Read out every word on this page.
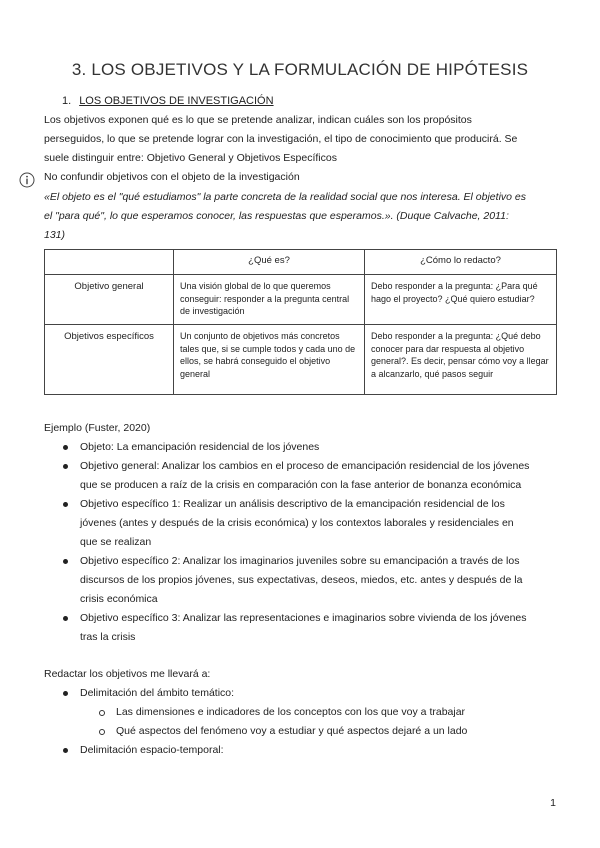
3. LOS OBJETIVOS Y LA FORMULACIÓN DE HIPÓTESIS
1. LOS OBJETIVOS DE INVESTIGACIÓN
Los objetivos exponen qué es lo que se pretende analizar, indican cuáles son los propósitos
perseguidos, lo que se pretende lograr con la investigación, el tipo de conocimiento que producirá. Se
suele distinguir entre: Objetivo General y Objetivos Específicos
No confundir objetivos con el objeto de la investigación
«El objeto es el "qué estudiamos" la parte concreta de la realidad social que nos interesa. El objetivo es
el "para qué", lo que esperamos conocer, las respuestas que esperamos.». (Duque Calvache, 2011:
131)
	¿Qué es?	¿Cómo lo redacto?
Objetivo general	Una visión global de lo que queremos conseguir: responder a la pregunta central de investigación	Debo responder a la pregunta: ¿Para qué hago el proyecto? ¿Qué quiero estudiar?
Objetivos específicos	Un conjunto de objetivos más concretos tales que, si se cumple todos y cada uno de ellos, se habrá conseguido el objetivo general	Debo responder a la pregunta: ¿Qué debo conocer para dar respuesta al objetivo general?. Es decir, pensar cómo voy a llegar a alcanzarlo, qué pasos seguir
Ejemplo (Fuster, 2020)
Objeto: La emancipación residencial de los jóvenes
Objetivo general: Analizar los cambios en el proceso de emancipación residencial de los jóvenes
que se producen a raíz de la crisis en comparación con la fase anterior de bonanza económica
Objetivo específico 1: Realizar un análisis descriptivo de la emancipación residencial de los
jóvenes (antes y después de la crisis económica) y los contextos laborales y residenciales en
que se realizan
Objetivo específico 2: Analizar los imaginarios juveniles sobre su emancipación a través de los
discursos de los propios jóvenes, sus expectativas, deseos, miedos, etc. antes y después de la
crisis económica
Objetivo específico 3: Analizar las representaciones e imaginarios sobre vivienda de los jóvenes
tras la crisis
Redactar los objetivos me llevará a:
Delimitación del ámbito temático:
Las dimensiones e indicadores de los conceptos con los que voy a trabajar
Qué aspectos del fenómeno voy a estudiar y qué aspectos dejaré a un lado
Delimitación espacio-temporal:
1
